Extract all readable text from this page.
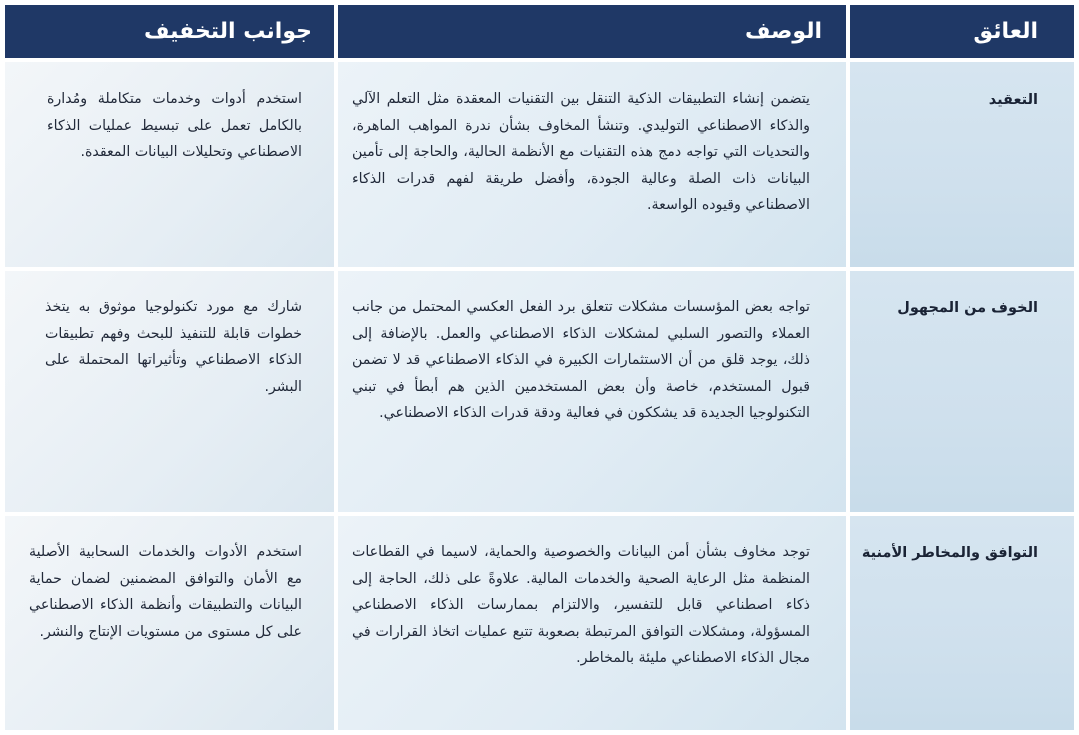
العائق
الوصف
جوانب التخفيف
التعقيد
يتضمن إنشاء التطبيقات الذكية التنقل بين التقنيات المعقدة مثل التعلم الآلي والذكاء الاصطناعي التوليدي. وتنشأ المخاوف بشأن ندرة المواهب الماهرة، والتحديات التي تواجه دمج هذه التقنيات مع الأنظمة الحالية، والحاجة إلى تأمين البيانات ذات الصلة وعالية الجودة، وأفضل طريقة لفهم قدرات الذكاء الاصطناعي وقيوده الواسعة.
استخدم أدوات وخدمات متكاملة ومُدارة بالكامل تعمل على تبسيط عمليات الذكاء الاصطناعي وتحليلات البيانات المعقدة.
الخوف من المجهول
تواجه بعض المؤسسات مشكلات تتعلق برد الفعل العكسي المحتمل من جانب العملاء والتصور السلبي لمشكلات الذكاء الاصطناعي والعمل. بالإضافة إلى ذلك، يوجد قلق من أن الاستثمارات الكبيرة في الذكاء الاصطناعي قد لا تضمن قبول المستخدم، خاصة وأن بعض المستخدمين الذين هم أبطأ في تبني التكنولوجيا الجديدة قد يشككون في فعالية ودقة قدرات الذكاء الاصطناعي.
شارك مع مورد تكنولوجيا موثوق به يتخذ خطوات قابلة للتنفيذ للبحث وفهم تطبيقات الذكاء الاصطناعي وتأثيراتها المحتملة على البشر.
التوافق والمخاطر الأمنية
توجد مخاوف بشأن أمن البيانات والخصوصية والحماية، لاسيما في القطاعات المنظمة مثل الرعاية الصحية والخدمات المالية. علاوةً على ذلك، الحاجة إلى ذكاء اصطناعي قابل للتفسير، والالتزام بممارسات الذكاء الاصطناعي المسؤولة، ومشكلات التوافق المرتبطة بصعوبة تتبع عمليات اتخاذ القرارات في مجال الذكاء الاصطناعي مليئة بالمخاطر.
استخدم الأدوات والخدمات السحابية الأصلية مع الأمان والتوافق المضمنين لضمان حماية البيانات والتطبيقات وأنظمة الذكاء الاصطناعي على كل مستوى من مستويات الإنتاج والنشر.
